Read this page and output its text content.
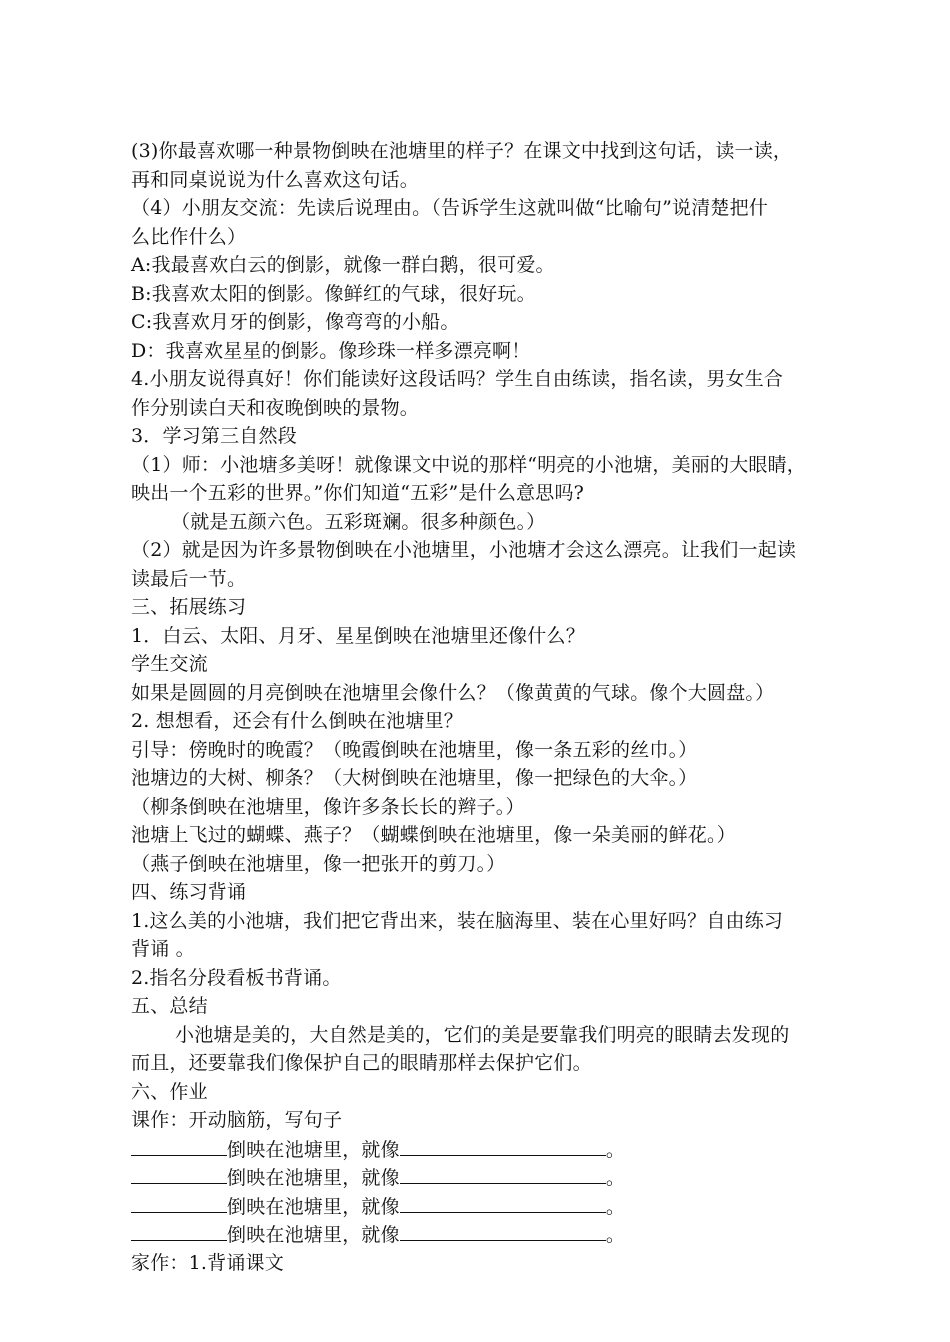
(3)你最喜欢哪一种景物倒映在池塘里的样子？在课文中找到这句话，读一读，
再和同桌说说为什么喜欢这句话。
（4）小朋友交流：先读后说理由。（告诉学生这就叫做“比喻句”说清楚把什
么比作什么）
A:我最喜欢白云的倒影，就像一群白鹅，很可爱。
B:我喜欢太阳的倒影。像鲜红的气球，很好玩。
C:我喜欢月牙的倒影，像弯弯的小船。
D：我喜欢星星的倒影。像珍珠一样多漂亮啊！
4.小朋友说得真好！你们能读好这段话吗？学生自由练读，指名读，男女生合
作分别读白天和夜晚倒映的景物。
3．学习第三自然段
（1）师：小池塘多美呀！就像课文中说的那样“明亮的小池塘，美丽的大眼睛，
映出一个五彩的世界。”你们知道“五彩”是什么意思吗?
（就是五颜六色。五彩斑斓。很多种颜色。）
（2）就是因为许多景物倒映在小池塘里，小池塘才会这么漂亮。让我们一起读
读最后一节。
三、拓展练习
1．白云、太阳、月牙、星星倒映在池塘里还像什么？
学生交流
如果是圆圆的月亮倒映在池塘里会像什么？（像黄黄的气球。像个大圆盘。）
2. 想想看，还会有什么倒映在池塘里？
引导：傍晚时的晚霞？（晚霞倒映在池塘里，像一条五彩的丝巾。）
池塘边的大树、柳条？（大树倒映在池塘里，像一把绿色的大伞。）
（柳条倒映在池塘里，像许多条长长的辫子。）
池塘上飞过的蝴蝶、燕子？（蝴蝶倒映在池塘里，像一朵美丽的鲜花。）
（燕子倒映在池塘里，像一把张开的剪刀。）
四、练习背诵
1.这么美的小池塘，我们把它背出来，装在脑海里、装在心里好吗？自由练习
背诵 。
2.指名分段看板书背诵。
五、总结
小池塘是美的，大自然是美的，它们的美是要靠我们明亮的眼睛去发现的
而且，还要靠我们像保护自己的眼睛那样去保护它们。
六、作业
课作：开动脑筋，写句子
倒映在池塘里，就像	。
倒映在池塘里，就像	。
倒映在池塘里，就像	。
倒映在池塘里，就像	。
家作：1.背诵课文
